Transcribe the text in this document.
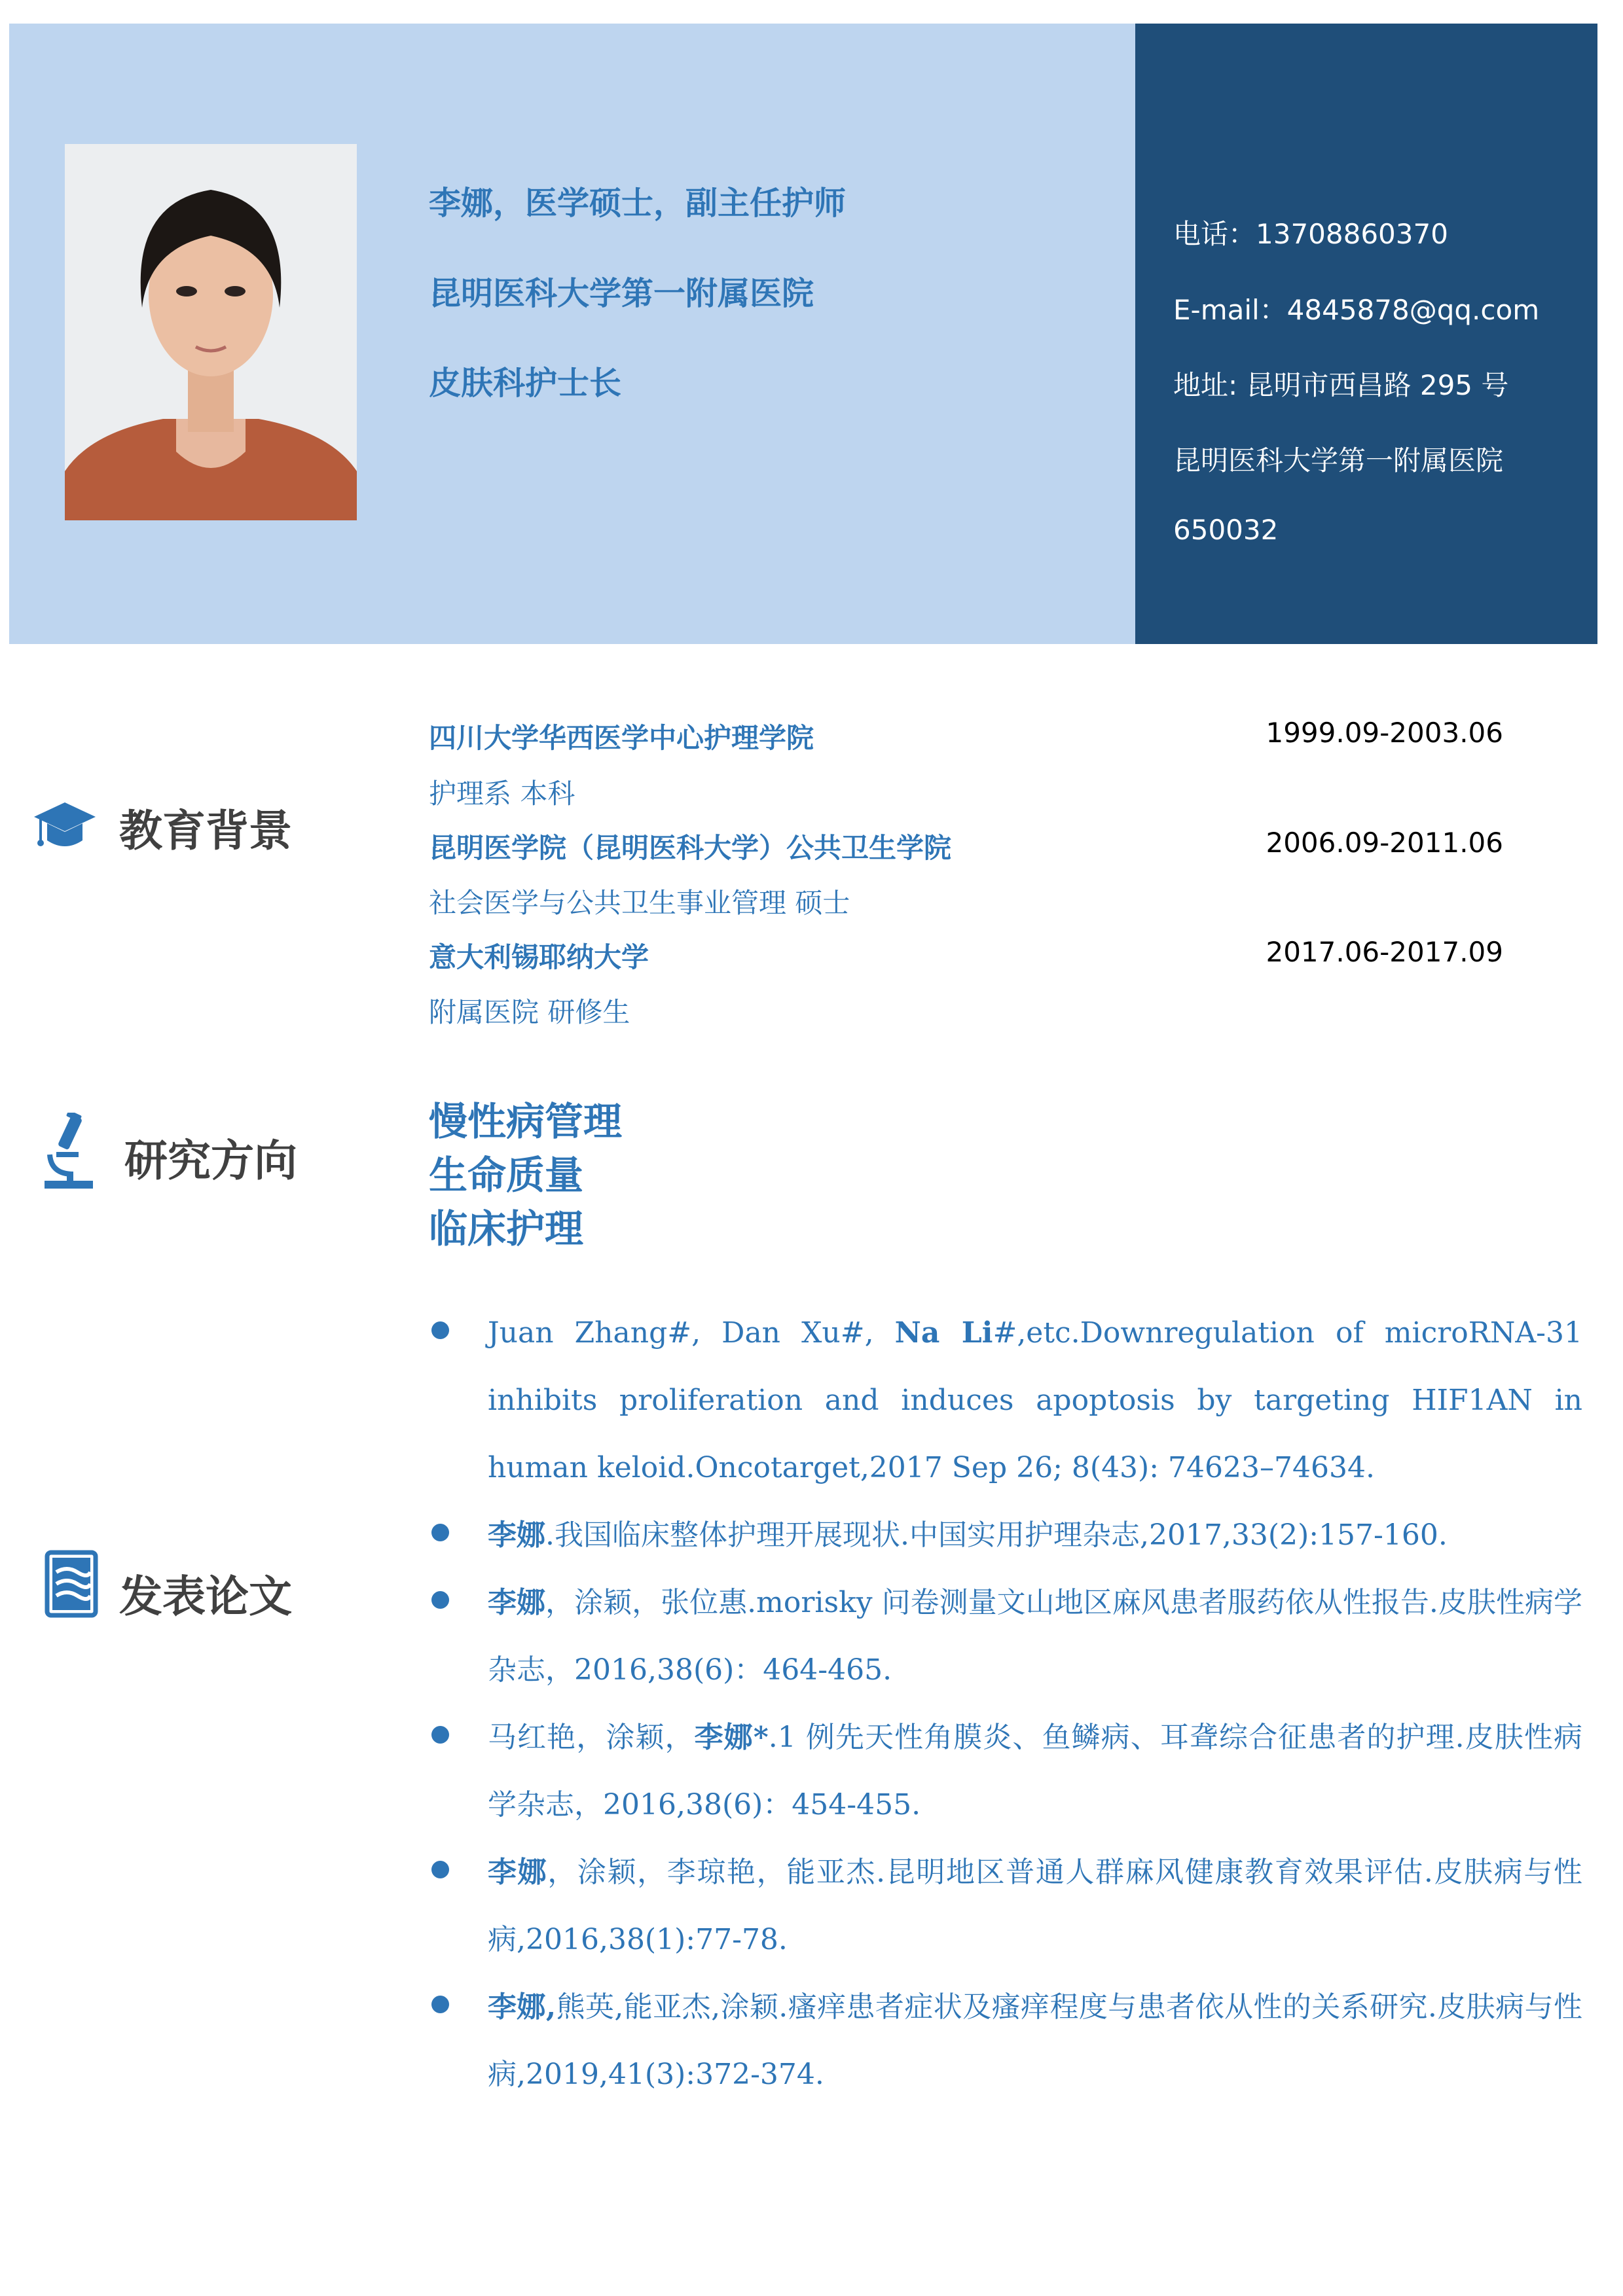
李娜，医学硕士，副主任护师
昆明医科大学第一附属医院
皮肤科护士长
电话：13708860370
E-mail：4845878@qq.com
地址: 昆明市西昌路 295 号
昆明医科大学第一附属医院
650032
教育背景
四川大学华西医学中心护理学院	1999.09-2003.06
护理系 本科
昆明医学院（昆明医科大学）公共卫生学院	2006.09-2011.06
社会医学与公共卫生事业管理 硕士
意大利锡耶纳大学	2017.06-2017.09
附属医院 研修生
研究方向
慢性病管理
生命质量
临床护理
发表论文
Juan Zhang#, Dan Xu#, Na Li#,etc.Downregulation of microRNA-31 inhibits proliferation and induces apoptosis by targeting HIF1AN in human keloid.Oncotarget,2017 Sep 26; 8(43): 74623–74634.
李娜.我国临床整体护理开展现状.中国实用护理杂志,2017,33(2):157-160.
李娜，涂颖，张位惠.morisky 问卷测量文山地区麻风患者服药依从性报告.皮肤性病学杂志，2016,38(6)：464-465.
马红艳，涂颖，李娜*.1 例先天性角膜炎、鱼鳞病、耳聋综合征患者的护理.皮肤性病学杂志，2016,38(6)：454-455.
李娜，涂颖，李琼艳，能亚杰.昆明地区普通人群麻风健康教育效果评估.皮肤病与性病,2016,38(1):77-78.
李娜,熊英,能亚杰,涂颖.瘙痒患者症状及瘙痒程度与患者依从性的关系研究.皮肤病与性病,2019,41(3):372-374.
